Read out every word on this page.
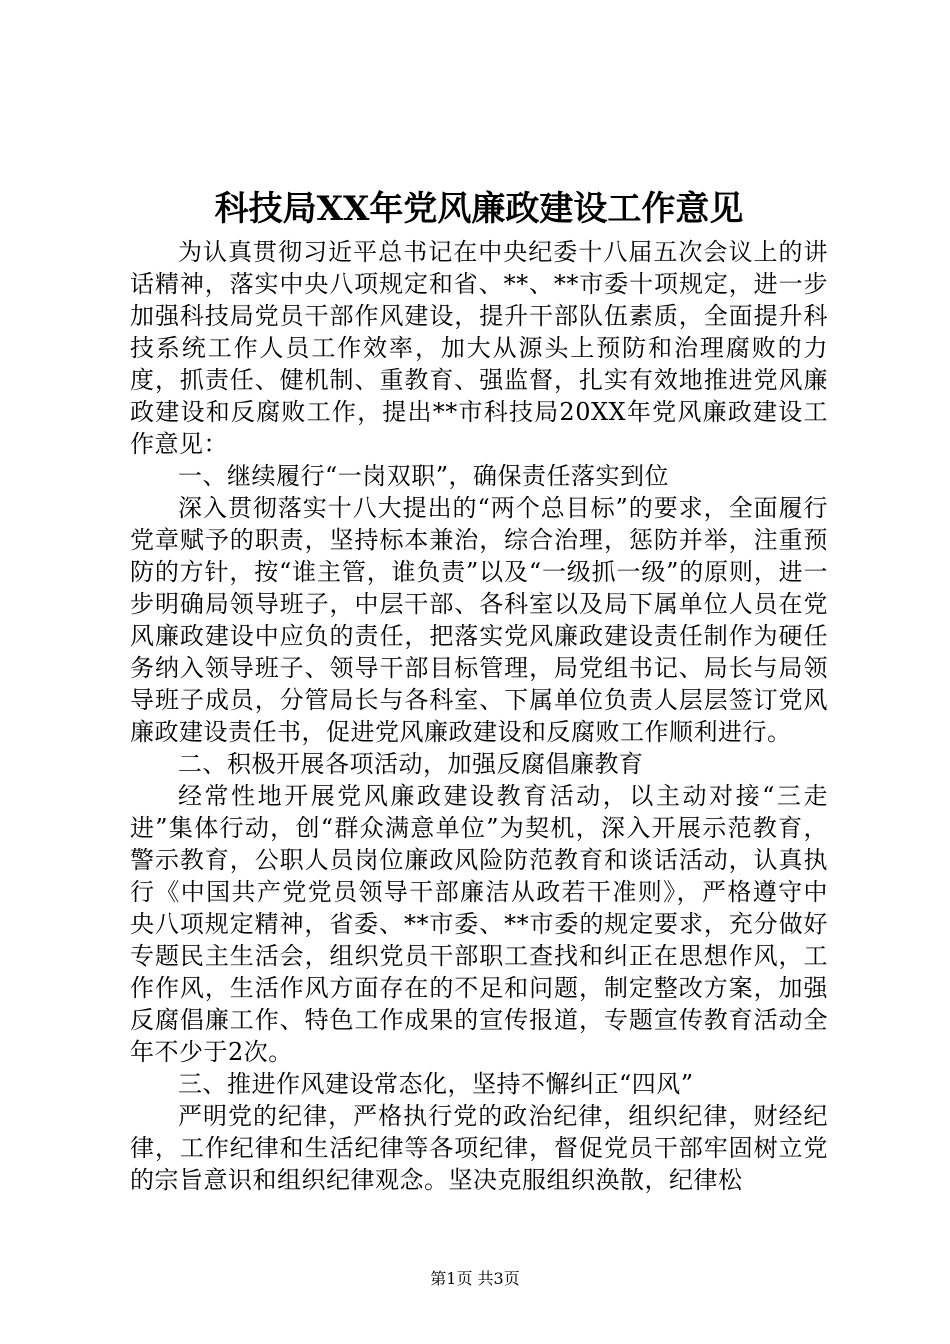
科技局XX年党风廉政建设工作意见

为认真贯彻习近平总书记在中央纪委十八届五次会议上的讲话精神，落实中央八项规定和省、**、**市委十项规定，进一步加强科技局党员干部作风建设，提升干部队伍素质，全面提升科技系统工作人员工作效率，加大从源头上预防和治理腐败的力度，抓责任、健机制、重教育、强监督，扎实有效地推进党风廉政建设和反腐败工作，提出**市科技局20XX年党风廉政建设工作意见：

一、继续履行“一岗双职”，确保责任落实到位

深入贯彻落实十八大提出的“两个总目标”的要求，全面履行党章赋予的职责，坚持标本兼治，综合治理，惩防并举，注重预防的方针，按“谁主管，谁负责”以及“一级抓一级”的原则，进一步明确局领导班子，中层干部、各科室以及局下属单位人员在党风廉政建设中应负的责任，把落实党风廉政建设责任制作为硬任务纳入领导班子、领导干部目标管理，局党组书记、局长与局领导班子成员，分管局长与各科室、下属单位负责人层层签订党风廉政建设责任书，促进党风廉政建设和反腐败工作顺利进行。

二、积极开展各项活动，加强反腐倡廉教育

经常性地开展党风廉政建设教育活动，以主动对接“三走进”集体行动，创“群众满意单位”为契机，深入开展示范教育，警示教育，公职人员岗位廉政风险防范教育和谈话活动，认真执行《中国共产党党员领导干部廉洁从政若干准则》，严格遵守中央八项规定精神，省委、**市委、**市委的规定要求，充分做好专题民主生活会，组织党员干部职工查找和纠正在思想作风，工作作风，生活作风方面存在的不足和问题，制定整改方案，加强反腐倡廉工作、特色工作成果的宣传报道，专题宣传教育活动全年不少于2次。

三、推进作风建设常态化，坚持不懈纠正“四风”

严明党的纪律，严格执行党的政治纪律，组织纪律，财经纪律，工作纪律和生活纪律等各项纪律，督促党员干部牢固树立党的宗旨意识和组织纪律观念。坚决克服组织涣散，纪律松

第1页 共3页
